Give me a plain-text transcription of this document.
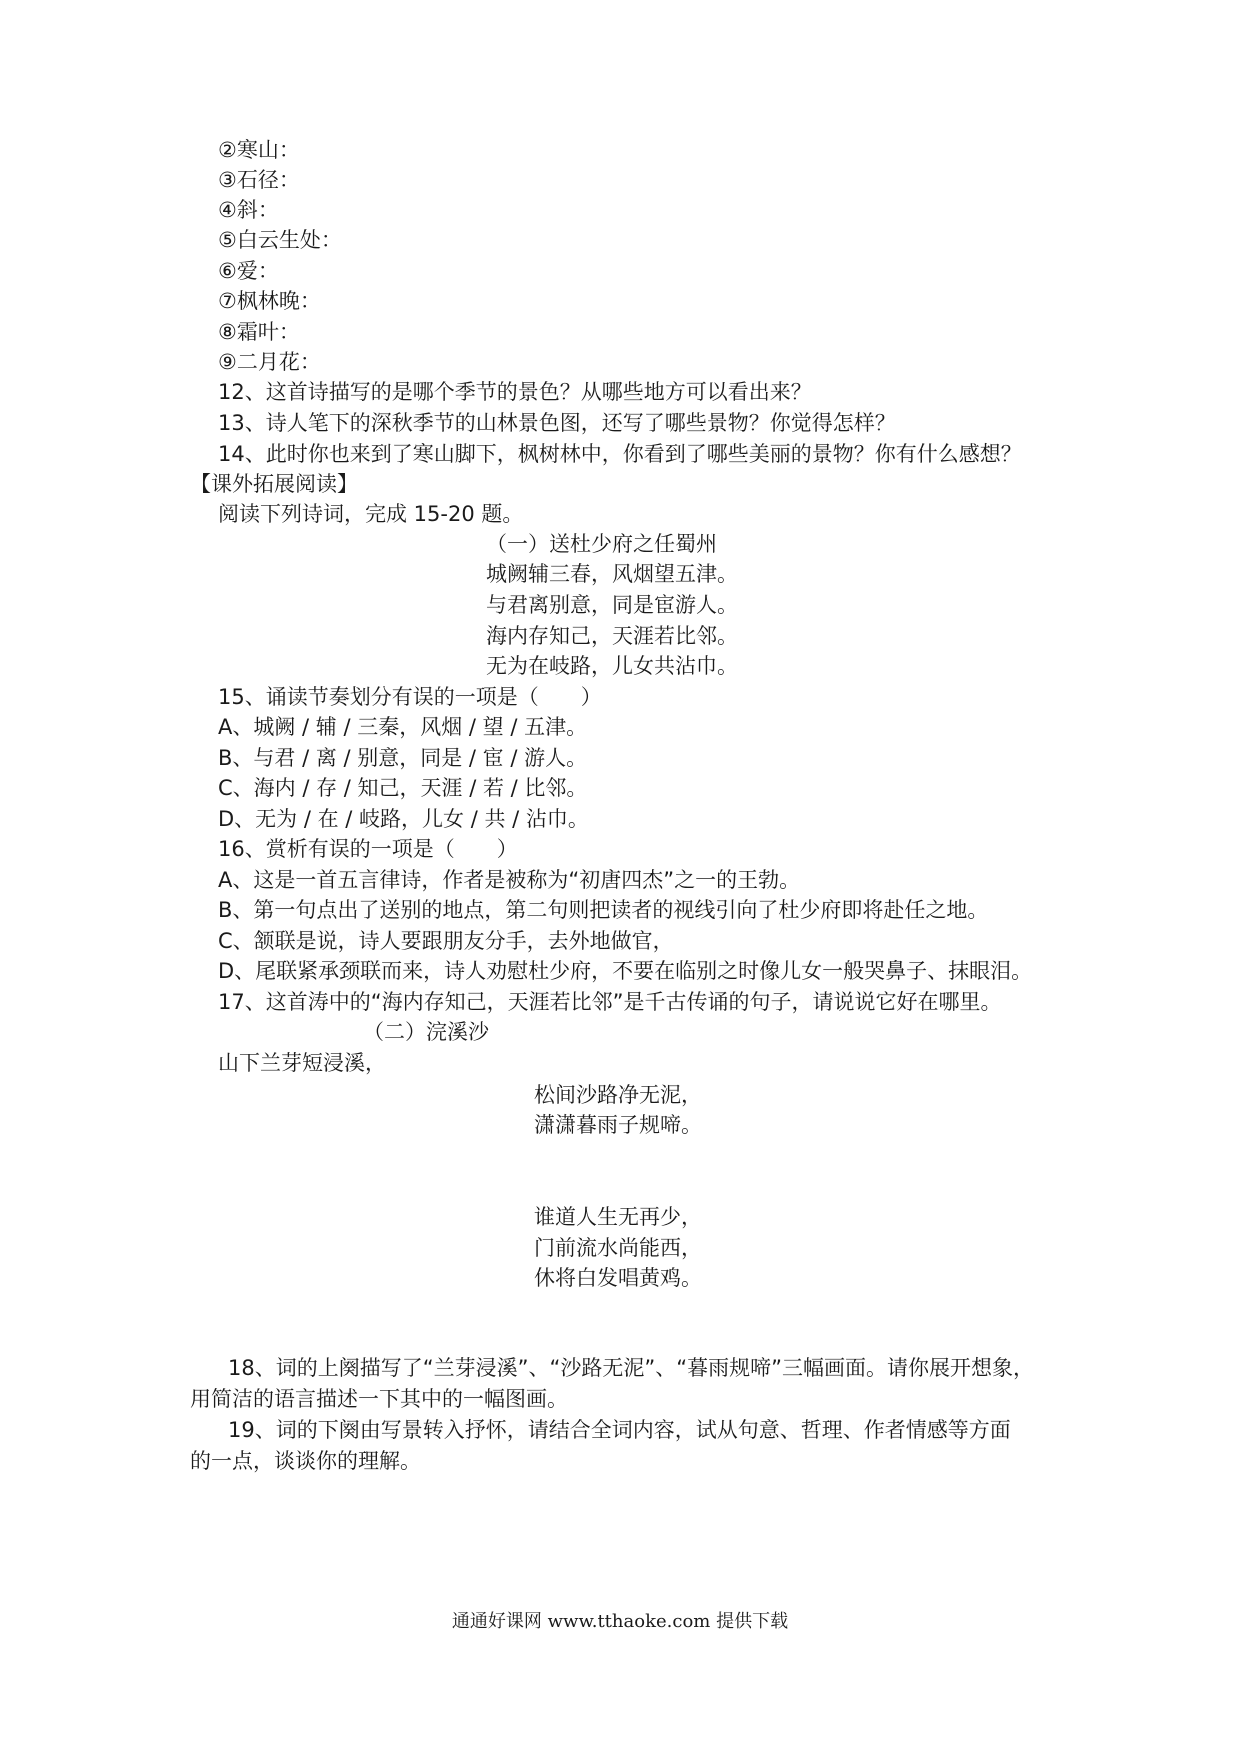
②寒山：
③石径：
④斜：
⑤白云生处：
⑥爱：
⑦枫林晚：
⑧霜叶：
⑨二月花：
12、这首诗描写的是哪个季节的景色？从哪些地方可以看出来？
13、诗人笔下的深秋季节的山林景色图，还写了哪些景物？你觉得怎样？
14、此时你也来到了寒山脚下，枫树林中，你看到了哪些美丽的景物？你有什么感想？
【课外拓展阅读】
阅读下列诗词，完成 15-20 题。
（一）送杜少府之任蜀州
城阙辅三春，风烟望五津。
与君离别意，同是宦游人。
海内存知己，天涯若比邻。
无为在岐路，儿女共沾巾。
15、诵读节奏划分有误的一项是（　　）
A、城阙 / 辅 / 三秦，风烟 / 望 / 五津。
B、与君 / 离 / 别意，同是 / 宦 / 游人。
C、海内 / 存 / 知己，天涯 / 若 / 比邻。
D、无为 / 在 / 岐路，儿女 / 共 / 沾巾。
16、赏析有误的一项是（　　）
A、这是一首五言律诗，作者是被称为“初唐四杰”之一的王勃。
B、第一句点出了送别的地点，第二句则把读者的视线引向了杜少府即将赴任之地。
C、颔联是说，诗人要跟朋友分手，去外地做官，
D、尾联紧承颈联而来，诗人劝慰杜少府，不要在临别之时像儿女一般哭鼻子、抹眼泪。
17、这首涛中的“海内存知己，天涯若比邻”是千古传诵的句子，请说说它好在哪里。
（二）浣溪沙
山下兰芽短浸溪，
松间沙路净无泥，
潇潇暮雨子规啼。
谁道人生无再少，
门前流水尚能西，
休将白发唱黄鸡。
18、词的上阕描写了“兰芽浸溪”、“沙路无泥”、“暮雨规啼”三幅画面。请你展开想象，
用简洁的语言描述一下其中的一幅图画。
19、词的下阕由写景转入抒怀，请结合全词内容，试从句意、哲理、作者情感等方面
的一点，谈谈你的理解。
通通好课网 www.tthaoke.com 提供下载
